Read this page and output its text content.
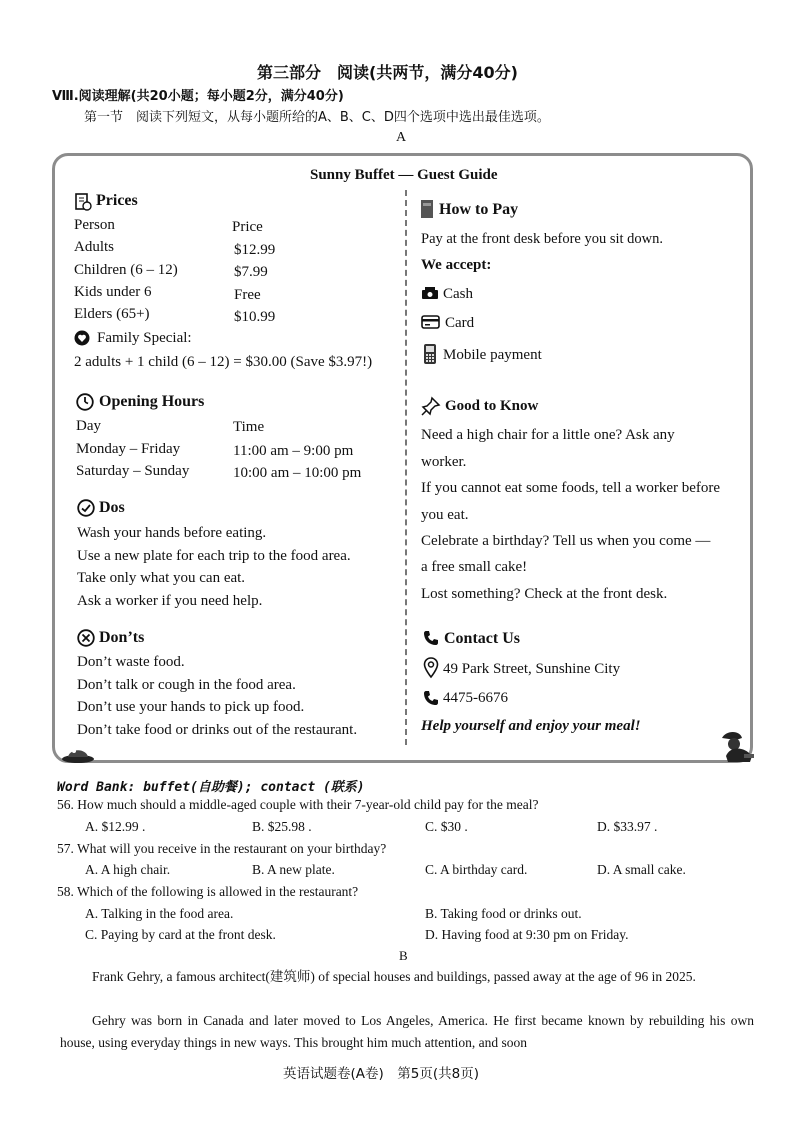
第三部分　阅读(共两节，满分40分)
Ⅷ.阅读理解(共20小题；每小题2分，满分40分)
第一节　阅读下列短文，从每小题所给的A、B、C、D四个选项中选出最佳选项。
A
Sunny Buffet — Guest Guide
Prices
Person	Price
Adults	$12.99
Children (6 – 12)	$7.99
Kids under 6	Free
Elders (65+)	$10.99
Family Special:
2 adults + 1 child (6 – 12) = $30.00 (Save $3.97!)
Opening Hours
Day	Time
Monday – Friday	11:00 am – 9:00 pm
Saturday – Sunday	10:00 am – 10:00 pm
Dos
Wash your hands before eating.
Use a new plate for each trip to the food area.
Take only what you can eat.
Ask a worker if you need help.
Don’ts
Don’t waste food.
Don’t talk or cough in the food area.
Don’t use your hands to pick up food.
Don’t take food or drinks out of the restaurant.
How to Pay
Pay at the front desk before you sit down.
We accept:
Cash
Card
Mobile payment
Good to Know
Need a high chair for a little one? Ask any
worker.
If you cannot eat some foods, tell a worker before
you eat.
Celebrate a birthday? Tell us when you come —
a free small cake!
Lost something? Check at the front desk.
Contact Us
49 Park Street, Sunshine City
4475-6676
Help yourself and enjoy your meal!
Word Bank: buffet(自助餐); contact (联系)
56. How much should a middle-aged couple with their 7-year-old child pay for the meal?
A. $12.99 .	B. $25.98 .	C. $30 .	D. $33.97 .
57. What will you receive in the restaurant on your birthday?
A. A high chair.	B. A new plate.	C. A birthday card.	D. A small cake.
58. Which of the following is allowed in the restaurant?
A. Talking in the food area.	B. Taking food or drinks out.
C. Paying by card at the front desk.	D. Having food at 9:30 pm on Friday.
B
Frank Gehry, a famous architect(建筑师) of special houses and buildings, passed away at the age of 96 in 2025.
Gehry was born in Canada and later moved to Los Angeles, America. He first became known by rebuilding his own house, using everyday things in new ways. This brought him much attention, and soon
英语试题卷(A卷)　第5页(共8页)
